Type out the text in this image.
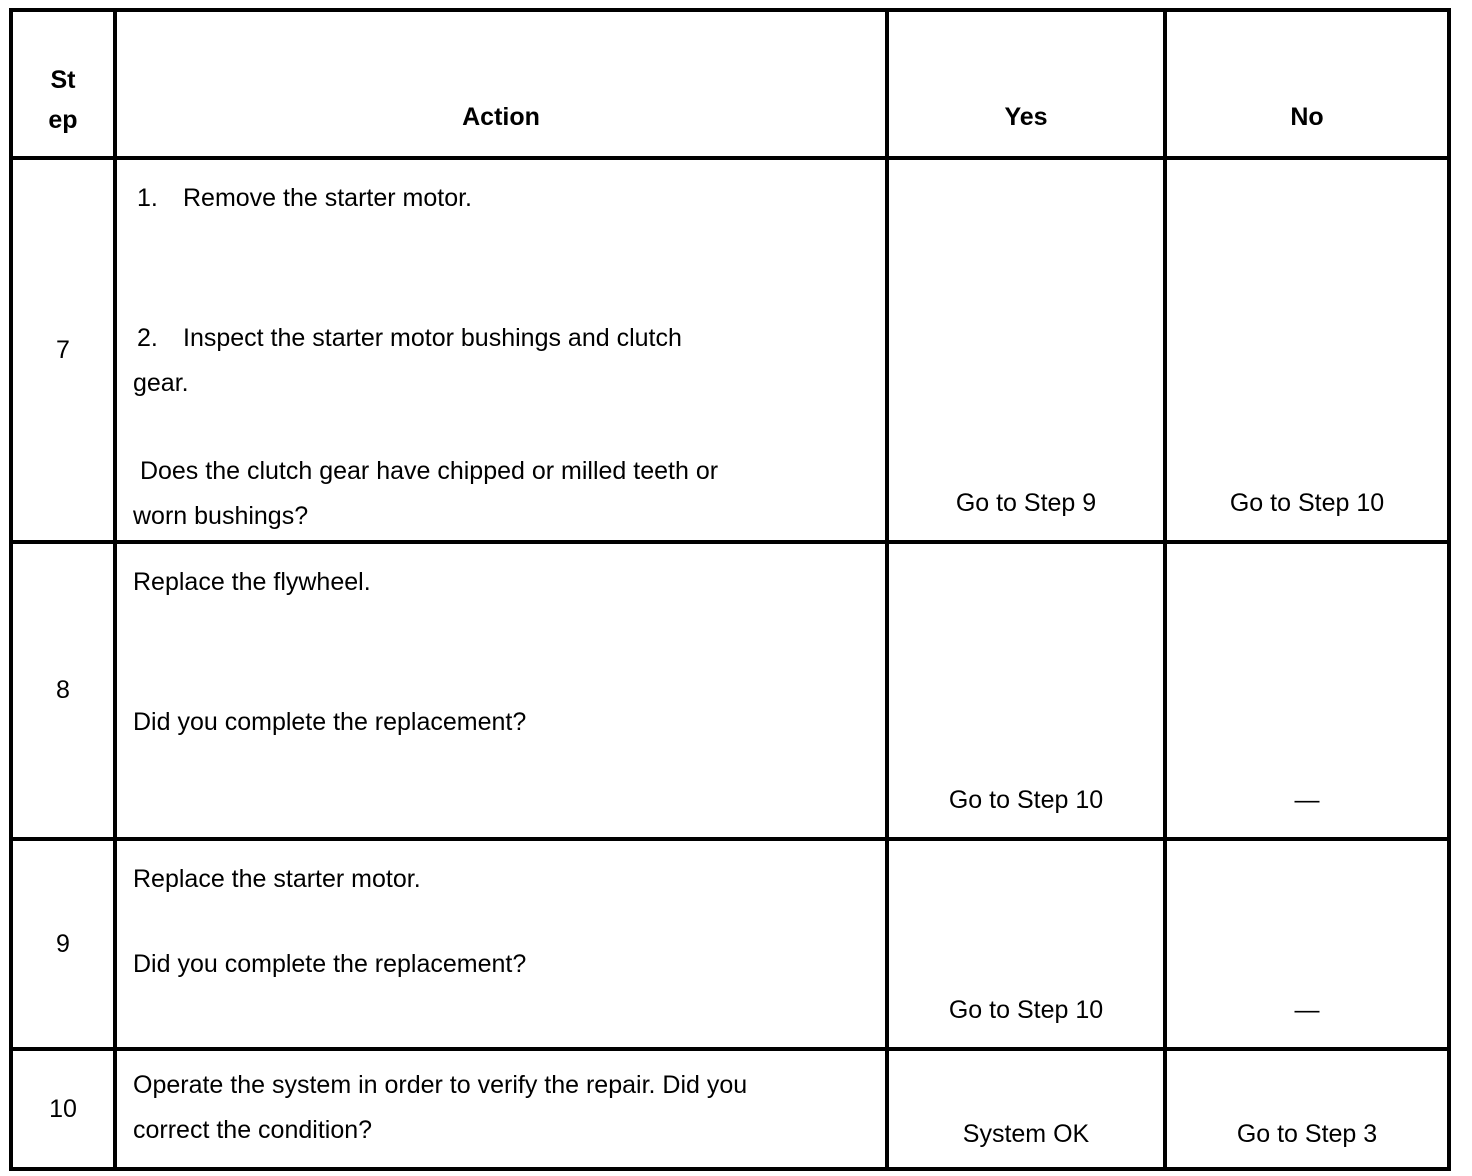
St
ep	Action	Yes	No
7	1. Remove the starter motor.
2. Inspect the starter motor bushings and clutch
gear.
Does the clutch gear have chipped or milled teeth or
worn bushings?	Go to Step 9	Go to Step 10
8	Replace the flywheel.
Did you complete the replacement?	Go to Step 10	—
9	Replace the starter motor.
Did you complete the replacement?	Go to Step 10	—
10	Operate the system in order to verify the repair. Did you
correct the condition?	System OK	Go to Step 3
